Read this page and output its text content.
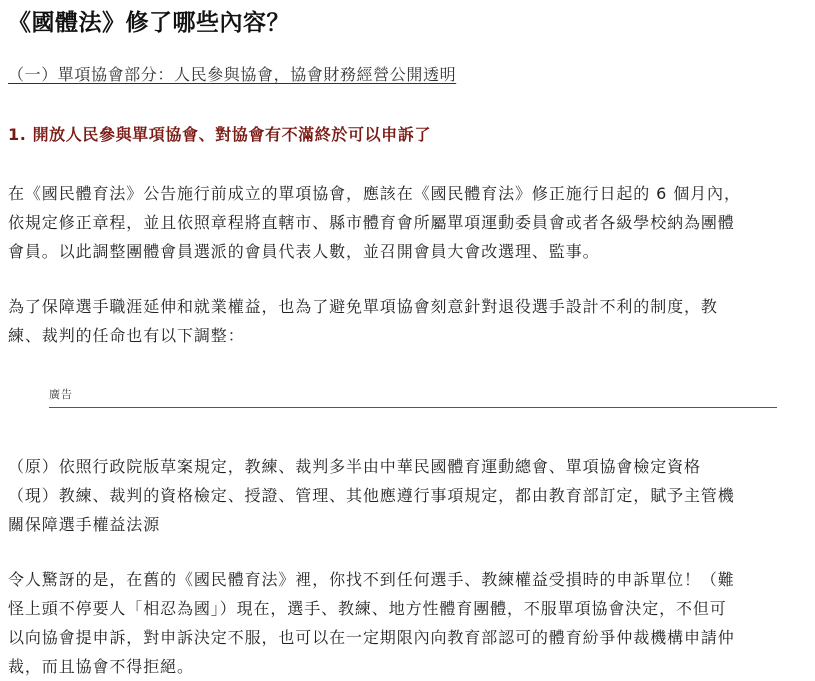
《國體法》修了哪些內容？
（一）單項協會部分：人民參與協會，協會財務經營公開透明
1. 開放人民參與單項協會、對協會有不滿終於可以申訴了

在《國民體育法》公告施行前成立的單項協會，應該在《國民體育法》修正施行日起的 6 個月內，
依規定修正章程，並且依照章程將直轄市、縣市體育會所屬單項運動委員會或者各級學校納為團體
會員。以此調整團體會員選派的會員代表人數，並召開會員大會改選理、監事。

為了保障選手職涯延伸和就業權益，也為了避免單項協會刻意針對退役選手設計不利的制度，教
練、裁判的任命也有以下調整：

廣告

（原）依照行政院版草案規定，教練、裁判多半由中華民國體育運動總會、單項協會檢定資格
（現）教練、裁判的資格檢定、授證、管理、其他應遵行事項規定，都由教育部訂定，賦予主管機
關保障選手權益法源

令人驚訝的是，在舊的《國民體育法》裡，你找不到任何選手、教練權益受損時的申訴單位！（難
怪上頭不停要人「相忍為國」）現在，選手、教練、地方性體育團體，不服單項協會決定，不但可
以向協會提申訴，對申訴決定不服，也可以在一定期限內向教育部認可的體育紛爭仲裁機構申請仲
裁，而且協會不得拒絕。
